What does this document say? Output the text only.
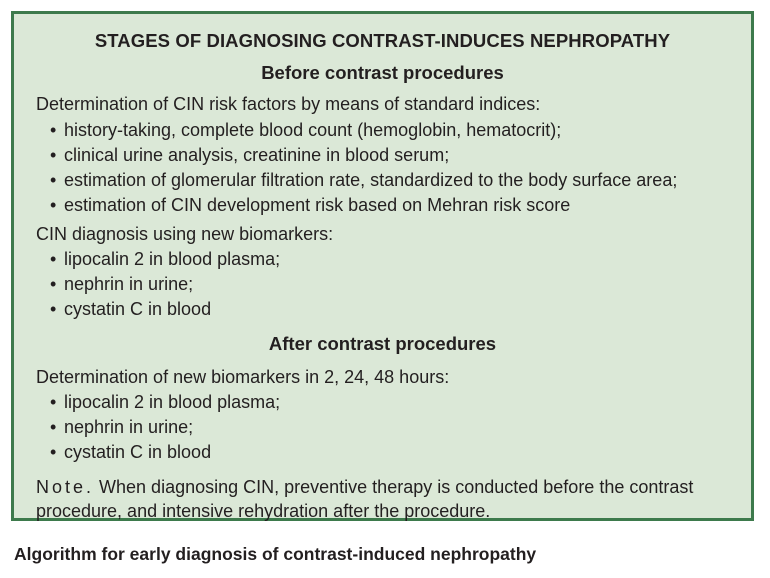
STAGES OF DIAGNOSING CONTRAST-INDUCES NEPHROPATHY
Before contrast procedures
Determination of CIN risk factors by means of standard indices:
• history-taking, complete blood count (hemoglobin, hematocrit);
• clinical urine analysis, creatinine in blood serum;
• estimation of glomerular filtration rate, standardized to the body surface area;
• estimation of CIN development risk based on Mehran risk score
CIN diagnosis using new biomarkers:
• lipocalin 2 in blood plasma;
• nephrin in urine;
• cystatin C in blood
After contrast procedures
Determination of new biomarkers in 2, 24, 48 hours:
• lipocalin 2 in blood plasma;
• nephrin in urine;
• cystatin C in blood
Note. When diagnosing CIN, preventive therapy is conducted before the contrast procedure, and intensive rehydration after the procedure.
Algorithm for early diagnosis of contrast-induced nephropathy
